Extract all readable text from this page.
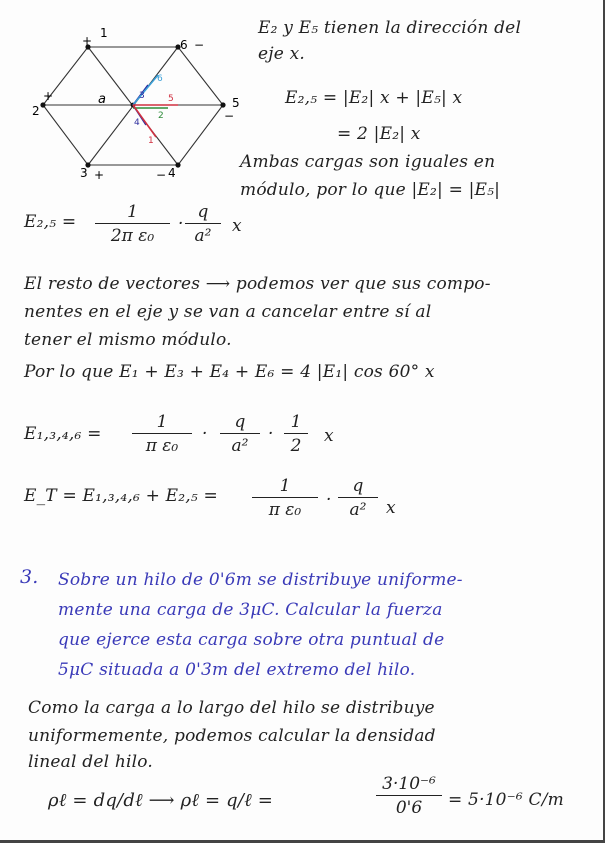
1
+	6 −
2
+	5
−
3 +	− 4
a	3
6
5
2
4
1
E₂ y E₅ tienen la dirección del
eje x.
E₂,₅ = |E₂| x + |E₅| x
= 2 |E₂| x
Ambas cargas son iguales en
módulo, por lo que |E₂| = |E₅|
$E_2,_5 = \frac{1}{\text{2π ε₀}} \cdot \frac{q}{\text{a²}}$ x
El resto de vectores ⟶ podemos ver que sus compo-
nentes en el eje y se van a cancelar entre sí al
tener el mismo módulo.
Por lo que E₁ + E₃ + E₄ + E₆ = 4 |E₁| cos 60° x
$E_1,_3,_4,_6 = \frac{1}{\text{π ε₀}} \cdot \frac{q}{\text{a²}} \cdot \frac{1}{2}$ x
E_T = $E_1,_3,_4,_6 + E_2,_5 = \frac{1}{\text{π ε₀}} \cdot \frac{q}{\text{a²}}$ x
3. Sobre un hilo de 0'6m se distribuye uniforme-
mente una carga de 3μC. Calcular la fuerza
que ejerce esta carga sobre otra puntual de
5μC situada a 0'3m del extremo del hilo.
Como la carga a lo largo del hilo se distribuye
uniformemente, podemos calcular la densidad
lineal del hilo.
ρℓ = dq/dℓ ⟶ ρℓ = q/ℓ =	$\frac{\text{3·10⁻⁶}}{0'6} = 5\cdot 10^{-6}$ C/m
